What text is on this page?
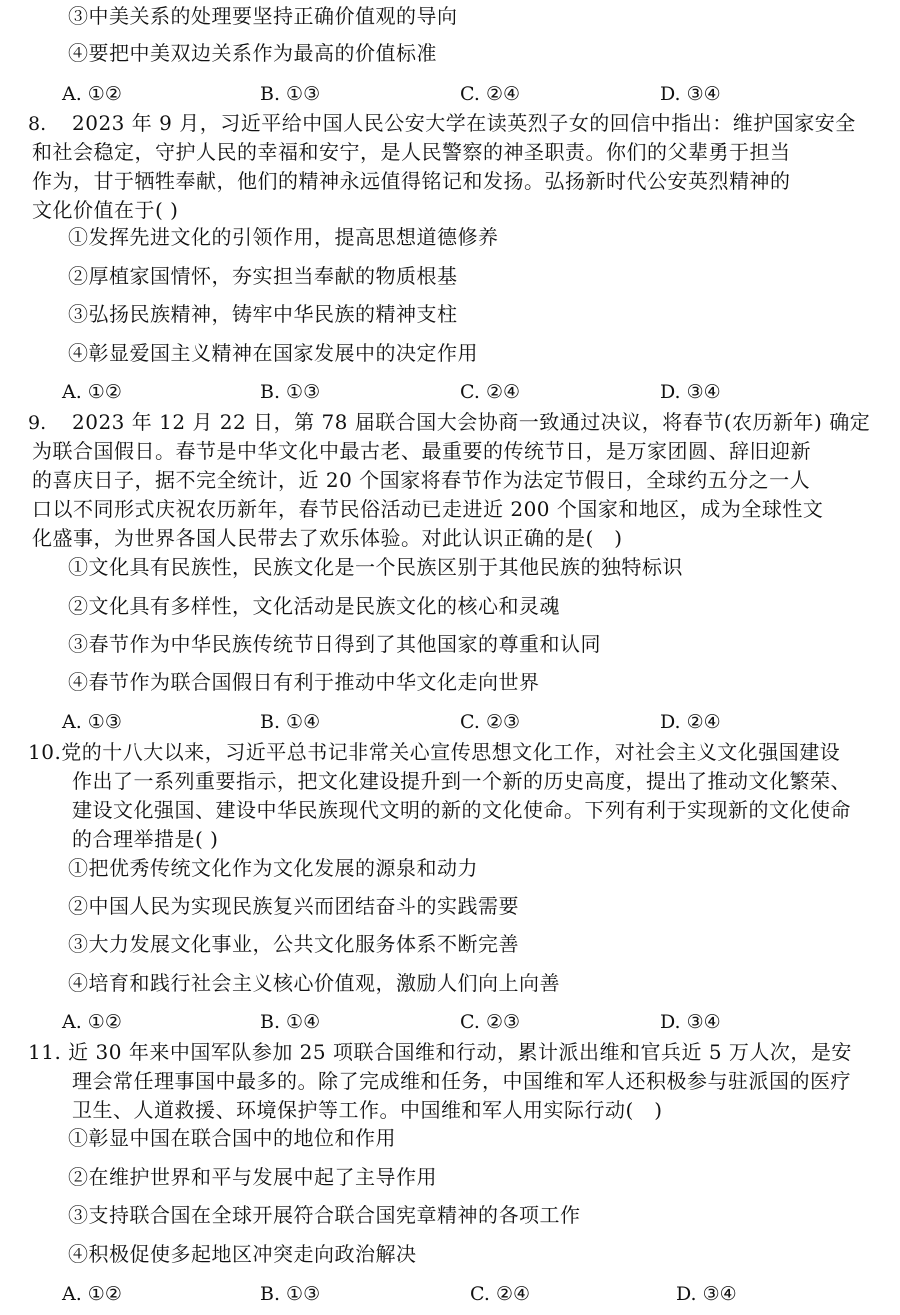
③中美关系的处理要坚持正确价值观的导向
④要把中美双边关系作为最高的价值标准
A. ①②	B. ①③	C. ②④	D. ③④
8. 2023 年 9 月，习近平给中国人民公安大学在读英烈子女的回信中指出：维护国家安全
和社会稳定，守护人民的幸福和安宁，是人民警察的神圣职责。你们的父辈勇于担当
作为，甘于牺牲奉献，他们的精神永远值得铭记和发扬。弘扬新时代公安英烈精神的
文化价值在于( )
①发挥先进文化的引领作用，提高思想道德修养
②厚植家国情怀，夯实担当奉献的物质根基
③弘扬民族精神，铸牢中华民族的精神支柱
④彰显爱国主义精神在国家发展中的决定作用
A. ①②	B. ①③	C. ②④	D. ③④
9. 2023 年 12 月 22 日，第 78 届联合国大会协商一致通过决议，将春节(农历新年) 确定
为联合国假日。春节是中华文化中最古老、最重要的传统节日，是万家团圆、辞旧迎新
的喜庆日子，据不完全统计，近 20 个国家将春节作为法定节假日，全球约五分之一人
口以不同形式庆祝农历新年，春节民俗活动已走进近 200 个国家和地区，成为全球性文
化盛事，为世界各国人民带去了欢乐体验。对此认识正确的是(　)
①文化具有民族性，民族文化是一个民族区别于其他民族的独特标识
②文化具有多样性，文化活动是民族文化的核心和灵魂
③春节作为中华民族传统节日得到了其他国家的尊重和认同
④春节作为联合国假日有利于推动中华文化走向世界
A. ①③	B. ①④	C. ②③	D. ②④
10.党的十八大以来，习近平总书记非常关心宣传思想文化工作，对社会主义文化强国建设
作出了一系列重要指示，把文化建设提升到一个新的历史高度，提出了推动文化繁荣、
建设文化强国、建设中华民族现代文明的新的文化使命。下列有利于实现新的文化使命
的合理举措是( )
①把优秀传统文化作为文化发展的源泉和动力
②中国人民为实现民族复兴而团结奋斗的实践需要
③大力发展文化事业，公共文化服务体系不断完善
④培育和践行社会主义核心价值观，激励人们向上向善
A. ①②	B. ①④	C. ②③	D. ③④
11. 近 30 年来中国军队参加 25 项联合国维和行动，累计派出维和官兵近 5 万人次，是安
理会常任理事国中最多的。除了完成维和任务，中国维和军人还积极参与驻派国的医疗
卫生、人道救援、环境保护等工作。中国维和军人用实际行动(　)
①彰显中国在联合国中的地位和作用
②在维护世界和平与发展中起了主导作用
③支持联合国在全球开展符合联合国宪章精神的各项工作
④积极促使多起地区冲突走向政治解决
A. ①②	B. ①③	C. ②④	D. ③④
